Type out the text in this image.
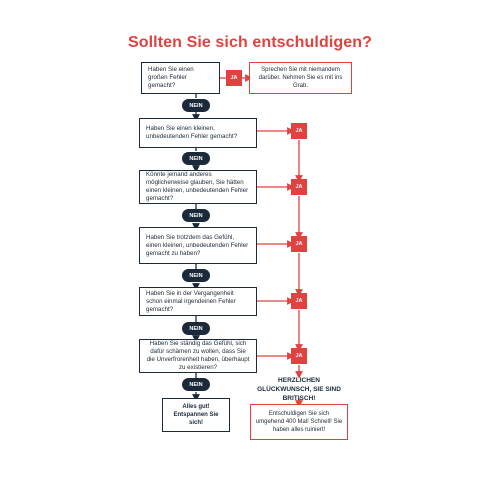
Sollten Sie sich entschuldigen?
Haben Sie einen großen Fehler gemacht?
JA
Sprechen Sie mit niemandem darüber. Nehmen Sie es mit ins Grab.
NEIN
Haben Sie einen kleinen, unbedeutenden Fehler gemacht?
JA
NEIN
Könnte jemand anderes möglicherweise glauben, Sie hätten einen kleinen, unbedeutenden Fehler gemacht?
JA
NEIN
Haben Sie trotzdem das Gefühl, einen kleinen, unbedeutenden Fehler gemacht zu haben?
JA
NEIN
Haben Sie in der Vergangenheit schon einmal irgendeinen Fehler gemacht?
JA
NEIN
Haben Sie ständig das Gefühl, sich dafür schämen zu wollen, dass Sie die Unverfrorenheit haben, überhaupt zu existieren?
JA
NEIN
Alles gut! Entspannen Sie sich!
HERZLICHEN GLÜCKWUNSCH, SIE SIND BRITISCH!
Entschuldigen Sie sich umgehend 400 Mal! Schnell! Sie haben alles ruiniert!
